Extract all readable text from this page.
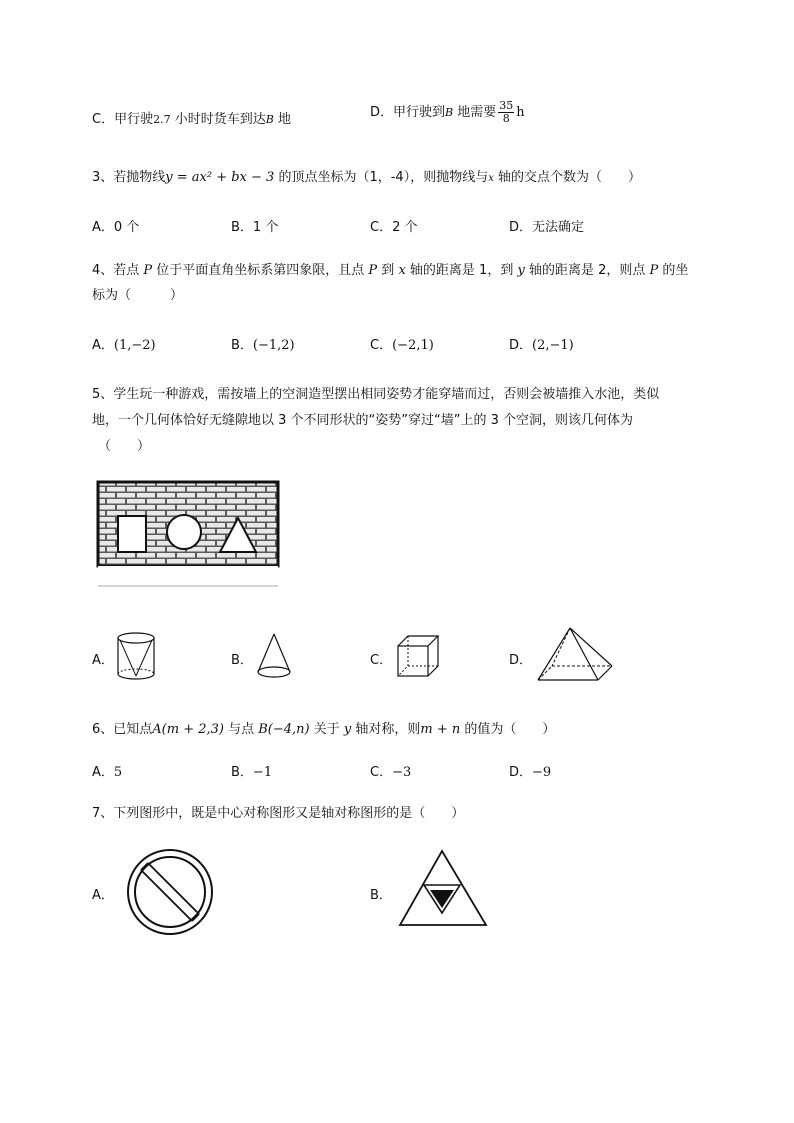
C．甲行驶2.7 小时时货车到达B 地	D．甲行驶到B 地需要 $\frac{35}{8}$ h
3、若抛物线y = ax² + bx − 3 的顶点坐标为（1，-4），则抛物线与x 轴的交点个数为（　　）
A．0 个	B．1 个	C．2 个	D．无法确定
4、若点 P 位于平面直角坐标系第四象限，且点 P 到 x 轴的距离是 1，到 y 轴的距离是 2，则点 P 的坐
标为（　　　）
A．(1,−2)	B．(−1,2)	C．(−2,1)	D．(2,−1)
5、学生玩一种游戏，需按墙上的空洞造型摆出相同姿势才能穿墙而过，否则会被墙推入水池，类似
地，一个几何体恰好无缝隙地以 3 个不同形状的“姿势”穿过“墙”上的 3 个空洞，则该几何体为
（　　）
A．	B．	C．	D．
6、已知点A(m + 2,3) 与点 B(−4,n) 关于 y 轴对称，则m + n 的值为（　　）
A．5	B．−1	C．−3	D．−9
7、下列图形中，既是中心对称图形又是轴对称图形的是（　　）
A．	B．
